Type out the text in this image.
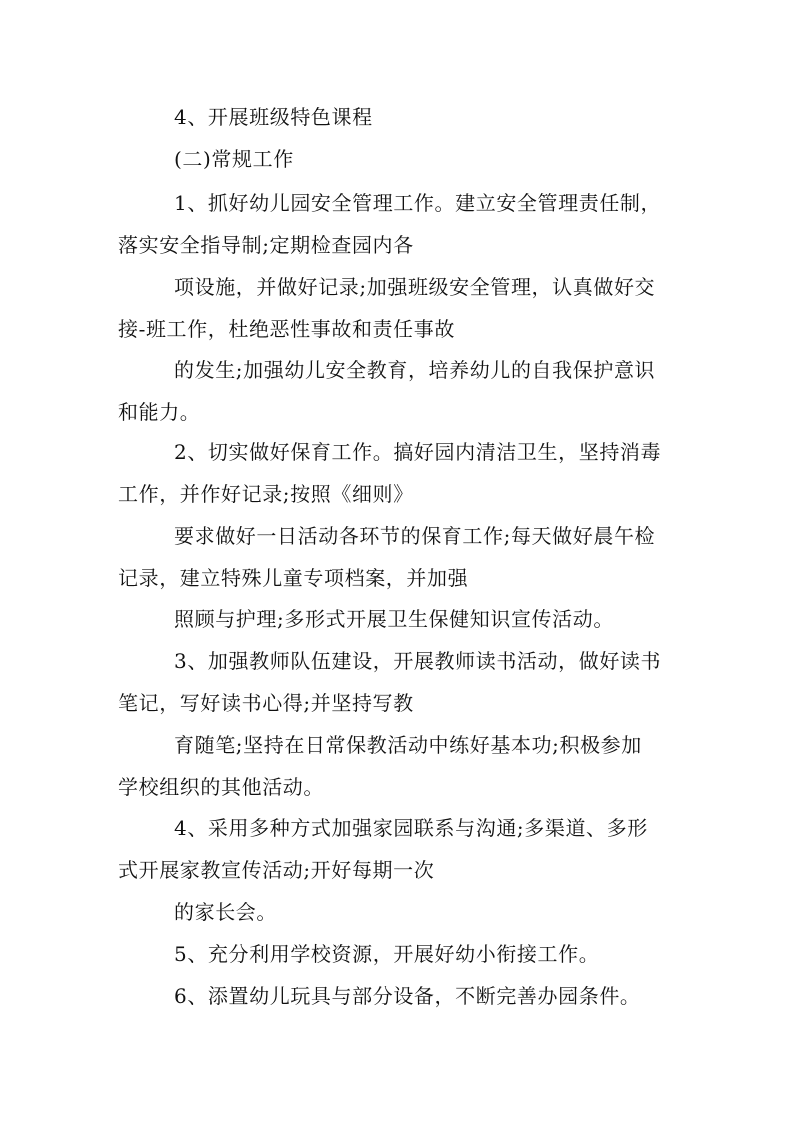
4、开展班级特色课程
(二)常规工作
1、抓好幼儿园安全管理工作。建立安全管理责任制，
落实安全指导制;定期检查园内各
项设施，并做好记录;加强班级安全管理，认真做好交
接-班工作，杜绝恶性事故和责任事故
的发生;加强幼儿安全教育，培养幼儿的自我保护意识
和能力。
2、切实做好保育工作。搞好园内清洁卫生，坚持消毒
工作，并作好记录;按照《细则》
要求做好一日活动各环节的保育工作;每天做好晨午检
记录，建立特殊儿童专项档案，并加强
照顾与护理;多形式开展卫生保健知识宣传活动。
3、加强教师队伍建设，开展教师读书活动，做好读书
笔记，写好读书心得;并坚持写教
育随笔;坚持在日常保教活动中练好基本功;积极参加
学校组织的其他活动。
4、采用多种方式加强家园联系与沟通;多渠道、多形
式开展家教宣传活动;开好每期一次
的家长会。
5、充分利用学校资源，开展好幼小衔接工作。
6、添置幼儿玩具与部分设备，不断完善办园条件。
